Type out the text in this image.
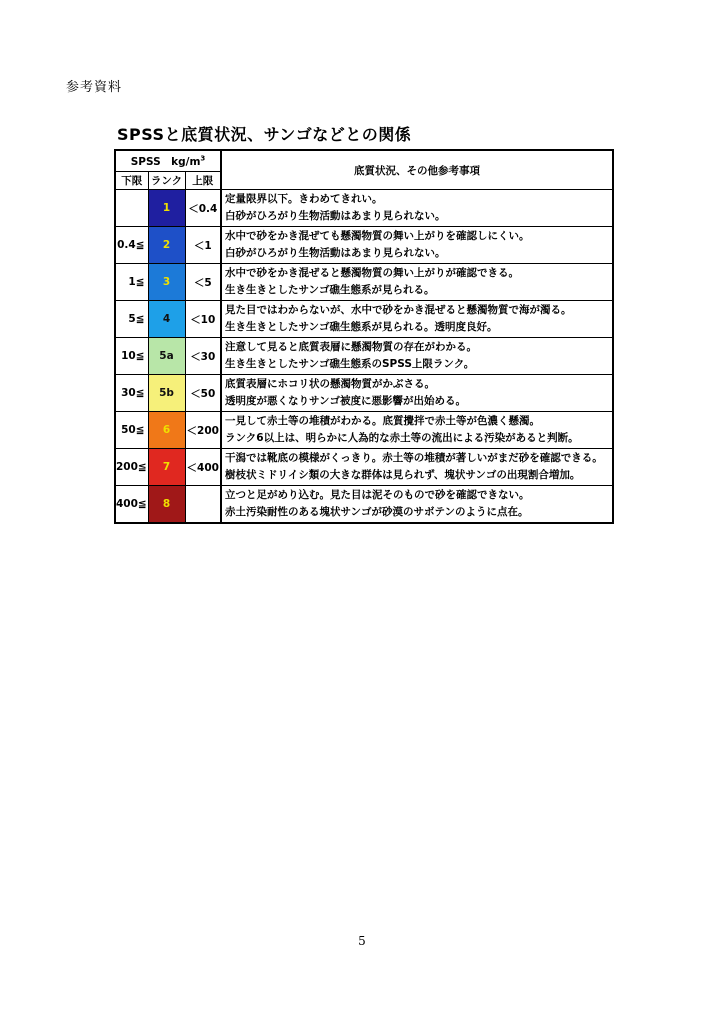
参考資料
SPSSと底質状況、サンゴなどとの関係
SPSS　$kg/m^3$			底質状況、その他参考事項
下限	ランク	上限	
	1	＜0.4	定量限界以下。きわめてきれい。
白砂がひろがり生物活動はあまり見られない。

0.4≦	2	＜1	水中で砂をかき混ぜても懸濁物質の舞い上がりを確認しにくい。
白砂がひろがり生物活動はあまり見られない。

1≦	3	＜5	水中で砂をかき混ぜると懸濁物質の舞い上がりが確認できる。
生き生きとしたサンゴ礁生態系が見られる。

5≦	4	＜10	見た目ではわからないが、水中で砂をかき混ぜると懸濁物質で海が濁る。
生き生きとしたサンゴ礁生態系が見られる。透明度良好。

10≦	5a	＜30	注意して見ると底質表層に懸濁物質の存在がわかる。
生き生きとしたサンゴ礁生態系のSPSS上限ランク。

30≦	5b	＜50	底質表層にホコリ状の懸濁物質がかぶさる。
透明度が悪くなりサンゴ被度に悪影響が出始める。

50≦	6	＜200	一見して赤土等の堆積がわかる。底質攪拌で赤土等が色濃く懸濁。
ランク6以上は、明らかに人為的な赤土等の流出による汚染があると判断。

200≦	7	＜400	干潟では靴底の模様がくっきり。赤土等の堆積が著しいがまだ砂を確認できる。
樹枝状ミドリイシ類の大きな群体は見られず、塊状サンゴの出現割合増加。

400≦	8		立つと足がめり込む。見た目は泥そのもので砂を確認できない。
赤土汚染耐性のある塊状サンゴが砂漠のサボテンのように点在。
5
